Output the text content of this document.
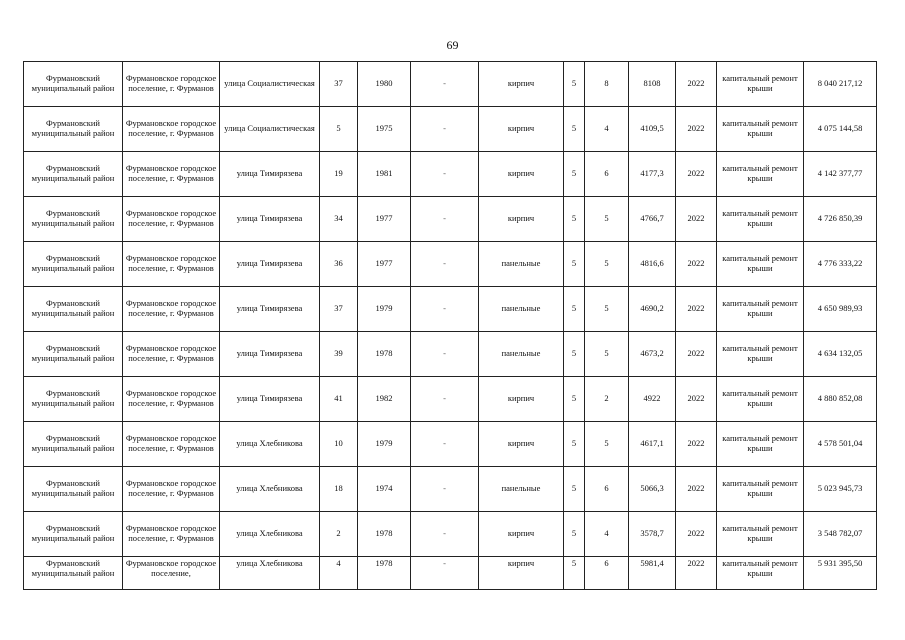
69
Фурмановский муниципальный район	Фурмановское городское поселение, г. Фурманов	улица Социалистическая	37	1980	-	кирпич	5	8	8108	2022	капитальный ремонт крыши	8 040 217,12
Фурмановский муниципальный район	Фурмановское городское поселение, г. Фурманов	улица Социалистическая	5	1975	-	кирпич	5	4	4109,5	2022	капитальный ремонт крыши	4 075 144,58
Фурмановский муниципальный район	Фурмановское городское поселение, г. Фурманов	улица Тимирязева	19	1981	-	кирпич	5	6	4177,3	2022	капитальный ремонт крыши	4 142 377,77
Фурмановский муниципальный район	Фурмановское городское поселение, г. Фурманов	улица Тимирязева	34	1977	-	кирпич	5	5	4766,7	2022	капитальный ремонт крыши	4 726 850,39
Фурмановский муниципальный район	Фурмановское городское поселение, г. Фурманов	улица Тимирязева	36	1977	-	панельные	5	5	4816,6	2022	капитальный ремонт крыши	4 776 333,22
Фурмановский муниципальный район	Фурмановское городское поселение, г. Фурманов	улица Тимирязева	37	1979	-	панельные	5	5	4690,2	2022	капитальный ремонт крыши	4 650 989,93
Фурмановский муниципальный район	Фурмановское городское поселение, г. Фурманов	улица Тимирязева	39	1978	-	панельные	5	5	4673,2	2022	капитальный ремонт крыши	4 634 132,05
Фурмановский муниципальный район	Фурмановское городское поселение, г. Фурманов	улица Тимирязева	41	1982	-	кирпич	5	2	4922	2022	капитальный ремонт крыши	4 880 852,08
Фурмановский муниципальный район	Фурмановское городское поселение, г. Фурманов	улица Хлебникова	10	1979	-	кирпич	5	5	4617,1	2022	капитальный ремонт крыши	4 578 501,04
Фурмановский муниципальный район	Фурмановское городское поселение, г. Фурманов	улица Хлебникова	18	1974	-	панельные	5	6	5066,3	2022	капитальный ремонт крыши	5 023 945,73
Фурмановский муниципальный район	Фурмановское городское поселение, г. Фурманов	улица Хлебникова	2	1978	-	кирпич	5	4	3578,7	2022	капитальный ремонт крыши	3 548 782,07
Фурмановский муниципальный район	Фурмановское городское поселение,	улица Хлебникова	4	1978	-	кирпич	5	6	5981,4	2022	капитальный ремонт крыши	5 931 395,50
